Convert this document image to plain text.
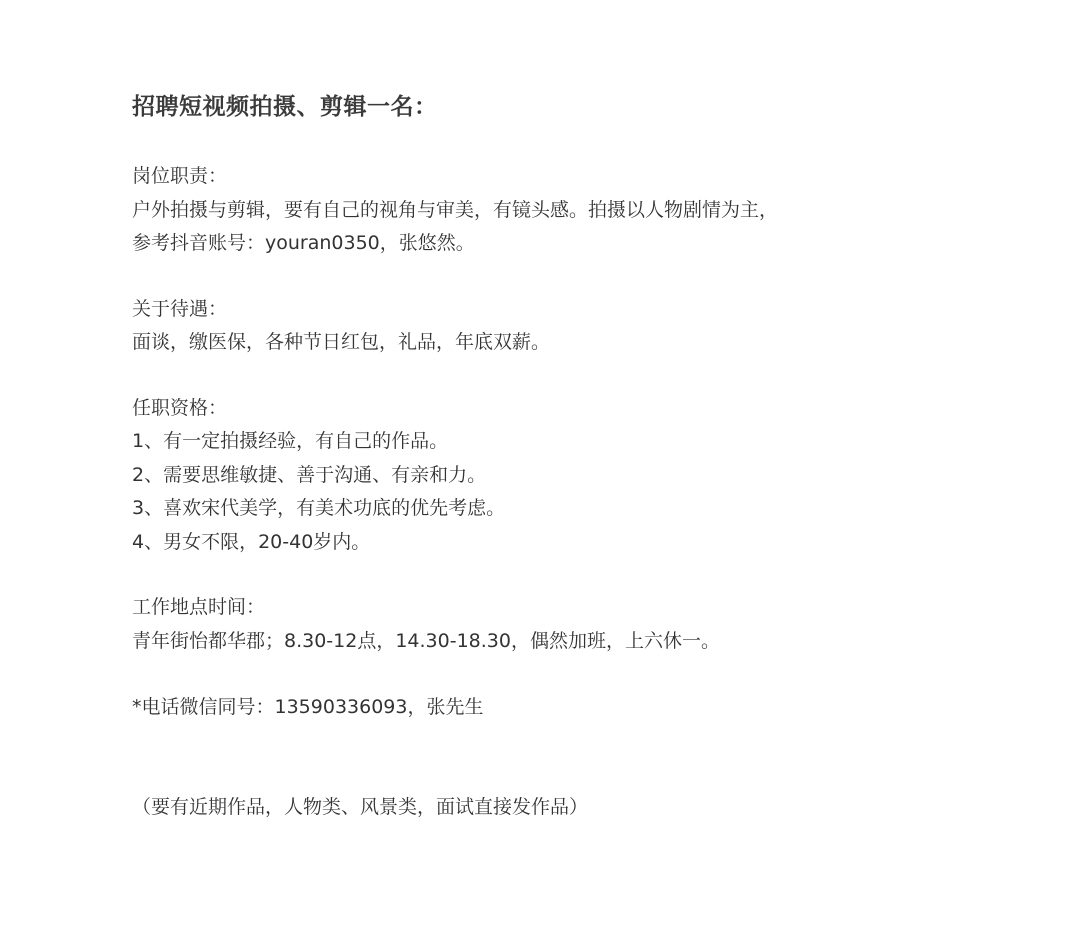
招聘短视频拍摄、剪辑一名：
岗位职责：
户外拍摄与剪辑，要有自己的视角与审美，有镜头感。拍摄以人物剧情为主，
参考抖音账号：youran0350，张悠然。
关于待遇：
面谈，缴医保，各种节日红包，礼品，年底双薪。
任职资格：
1、有一定拍摄经验，有自己的作品。
2、需要思维敏捷、善于沟通、有亲和力。
3、喜欢宋代美学，有美术功底的优先考虑。
4、男女不限，20-40岁内。
工作地点时间：
青年街怡都华郡；8.30-12点，14.30-18.30，偶然加班，上六休一。
*电话微信同号：13590336093，张先生
（要有近期作品，人物类、风景类，面试直接发作品）
